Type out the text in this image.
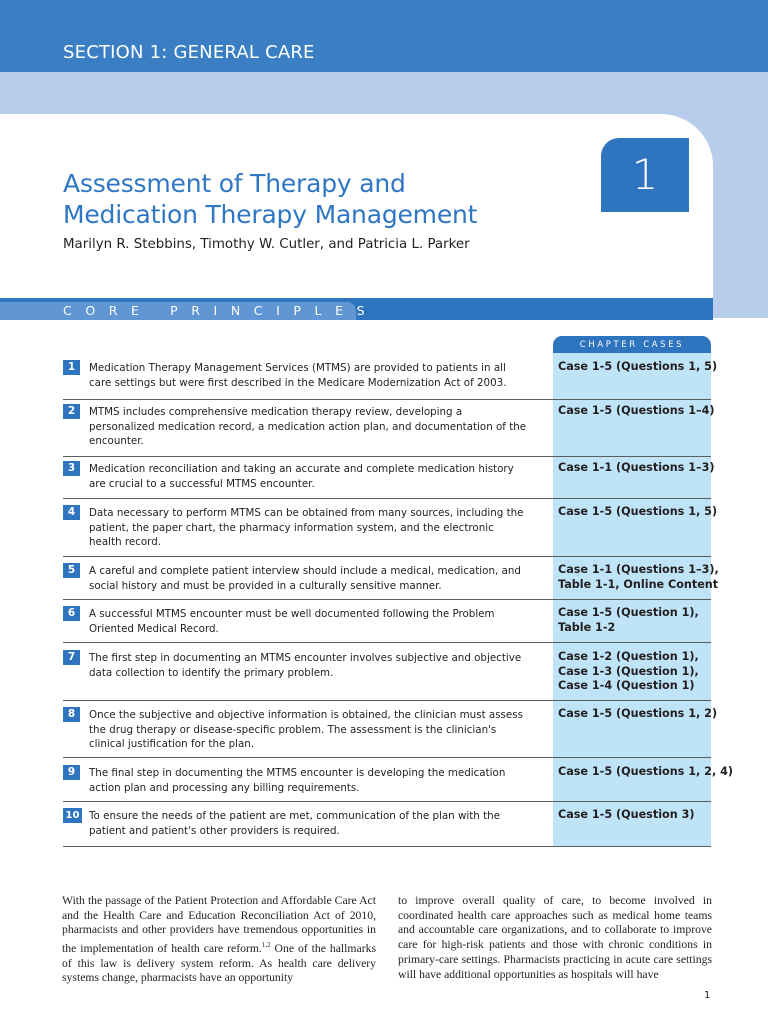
SECTION 1: GENERAL CARE
1
Assessment of Therapy and
Medication Therapy Management
Marilyn R. Stebbins, Timothy W. Cutler, and Patricia L. Parker
CORE PRINCIPLES
CHAPTER CASES
1	Medication Therapy Management Services (MTMS) are provided to patients in all care settings but were first described in the Medicare Modernization Act of 2003.
Case 1-5 (Questions 1, 5)
2	MTMS includes comprehensive medication therapy review, developing a personalized medication record, a medication action plan, and documentation of the encounter.
Case 1-5 (Questions 1–4)
3	Medication reconciliation and taking an accurate and complete medication history are crucial to a successful MTMS encounter.
Case 1-1 (Questions 1–3)
4	Data necessary to perform MTMS can be obtained from many sources, including the patient, the paper chart, the pharmacy information system, and the electronic health record.
Case 1-5 (Questions 1, 5)
5	A careful and complete patient interview should include a medical, medication, and social history and must be provided in a culturally sensitive manner.
Case 1-1 (Questions 1–3),
Table 1-1, Online Content
6	A successful MTMS encounter must be well documented following the Problem Oriented Medical Record.
Case 1-5 (Question 1),
Table 1-2
7	The first step in documenting an MTMS encounter involves subjective and objective data collection to identify the primary problem.
Case 1-2 (Question 1),
Case 1-3 (Question 1),
Case 1-4 (Question 1)
8	Once the subjective and objective information is obtained, the clinician must assess the drug therapy or disease-specific problem. The assessment is the clinician's clinical justification for the plan.
Case 1-5 (Questions 1, 2)
9	The final step in documenting the MTMS encounter is developing the medication action plan and processing any billing requirements.
Case 1-5 (Questions 1, 2, 4)
10 To ensure the needs of the patient are met, communication of the plan with the patient and patient's other providers is required.
Case 1-5 (Question 3)
With the passage of the Patient Protection and Affordable Care Act and the Health Care and Education Reconciliation Act of 2010, pharmacists and other providers have tremendous opportunities in the implementation of health care reform.$^{1,2}$ One of the hallmarks of this law is delivery system reform. As health care delivery systems change, pharmacists have an opportunity
to improve overall quality of care, to become involved in coordinated health care approaches such as medical home teams and accountable care organizations, and to collaborate to improve care for high-risk patients and those with chronic conditions in primary-care settings. Pharmacists practicing in acute care settings will have additional opportunities as hospitals will have
1
